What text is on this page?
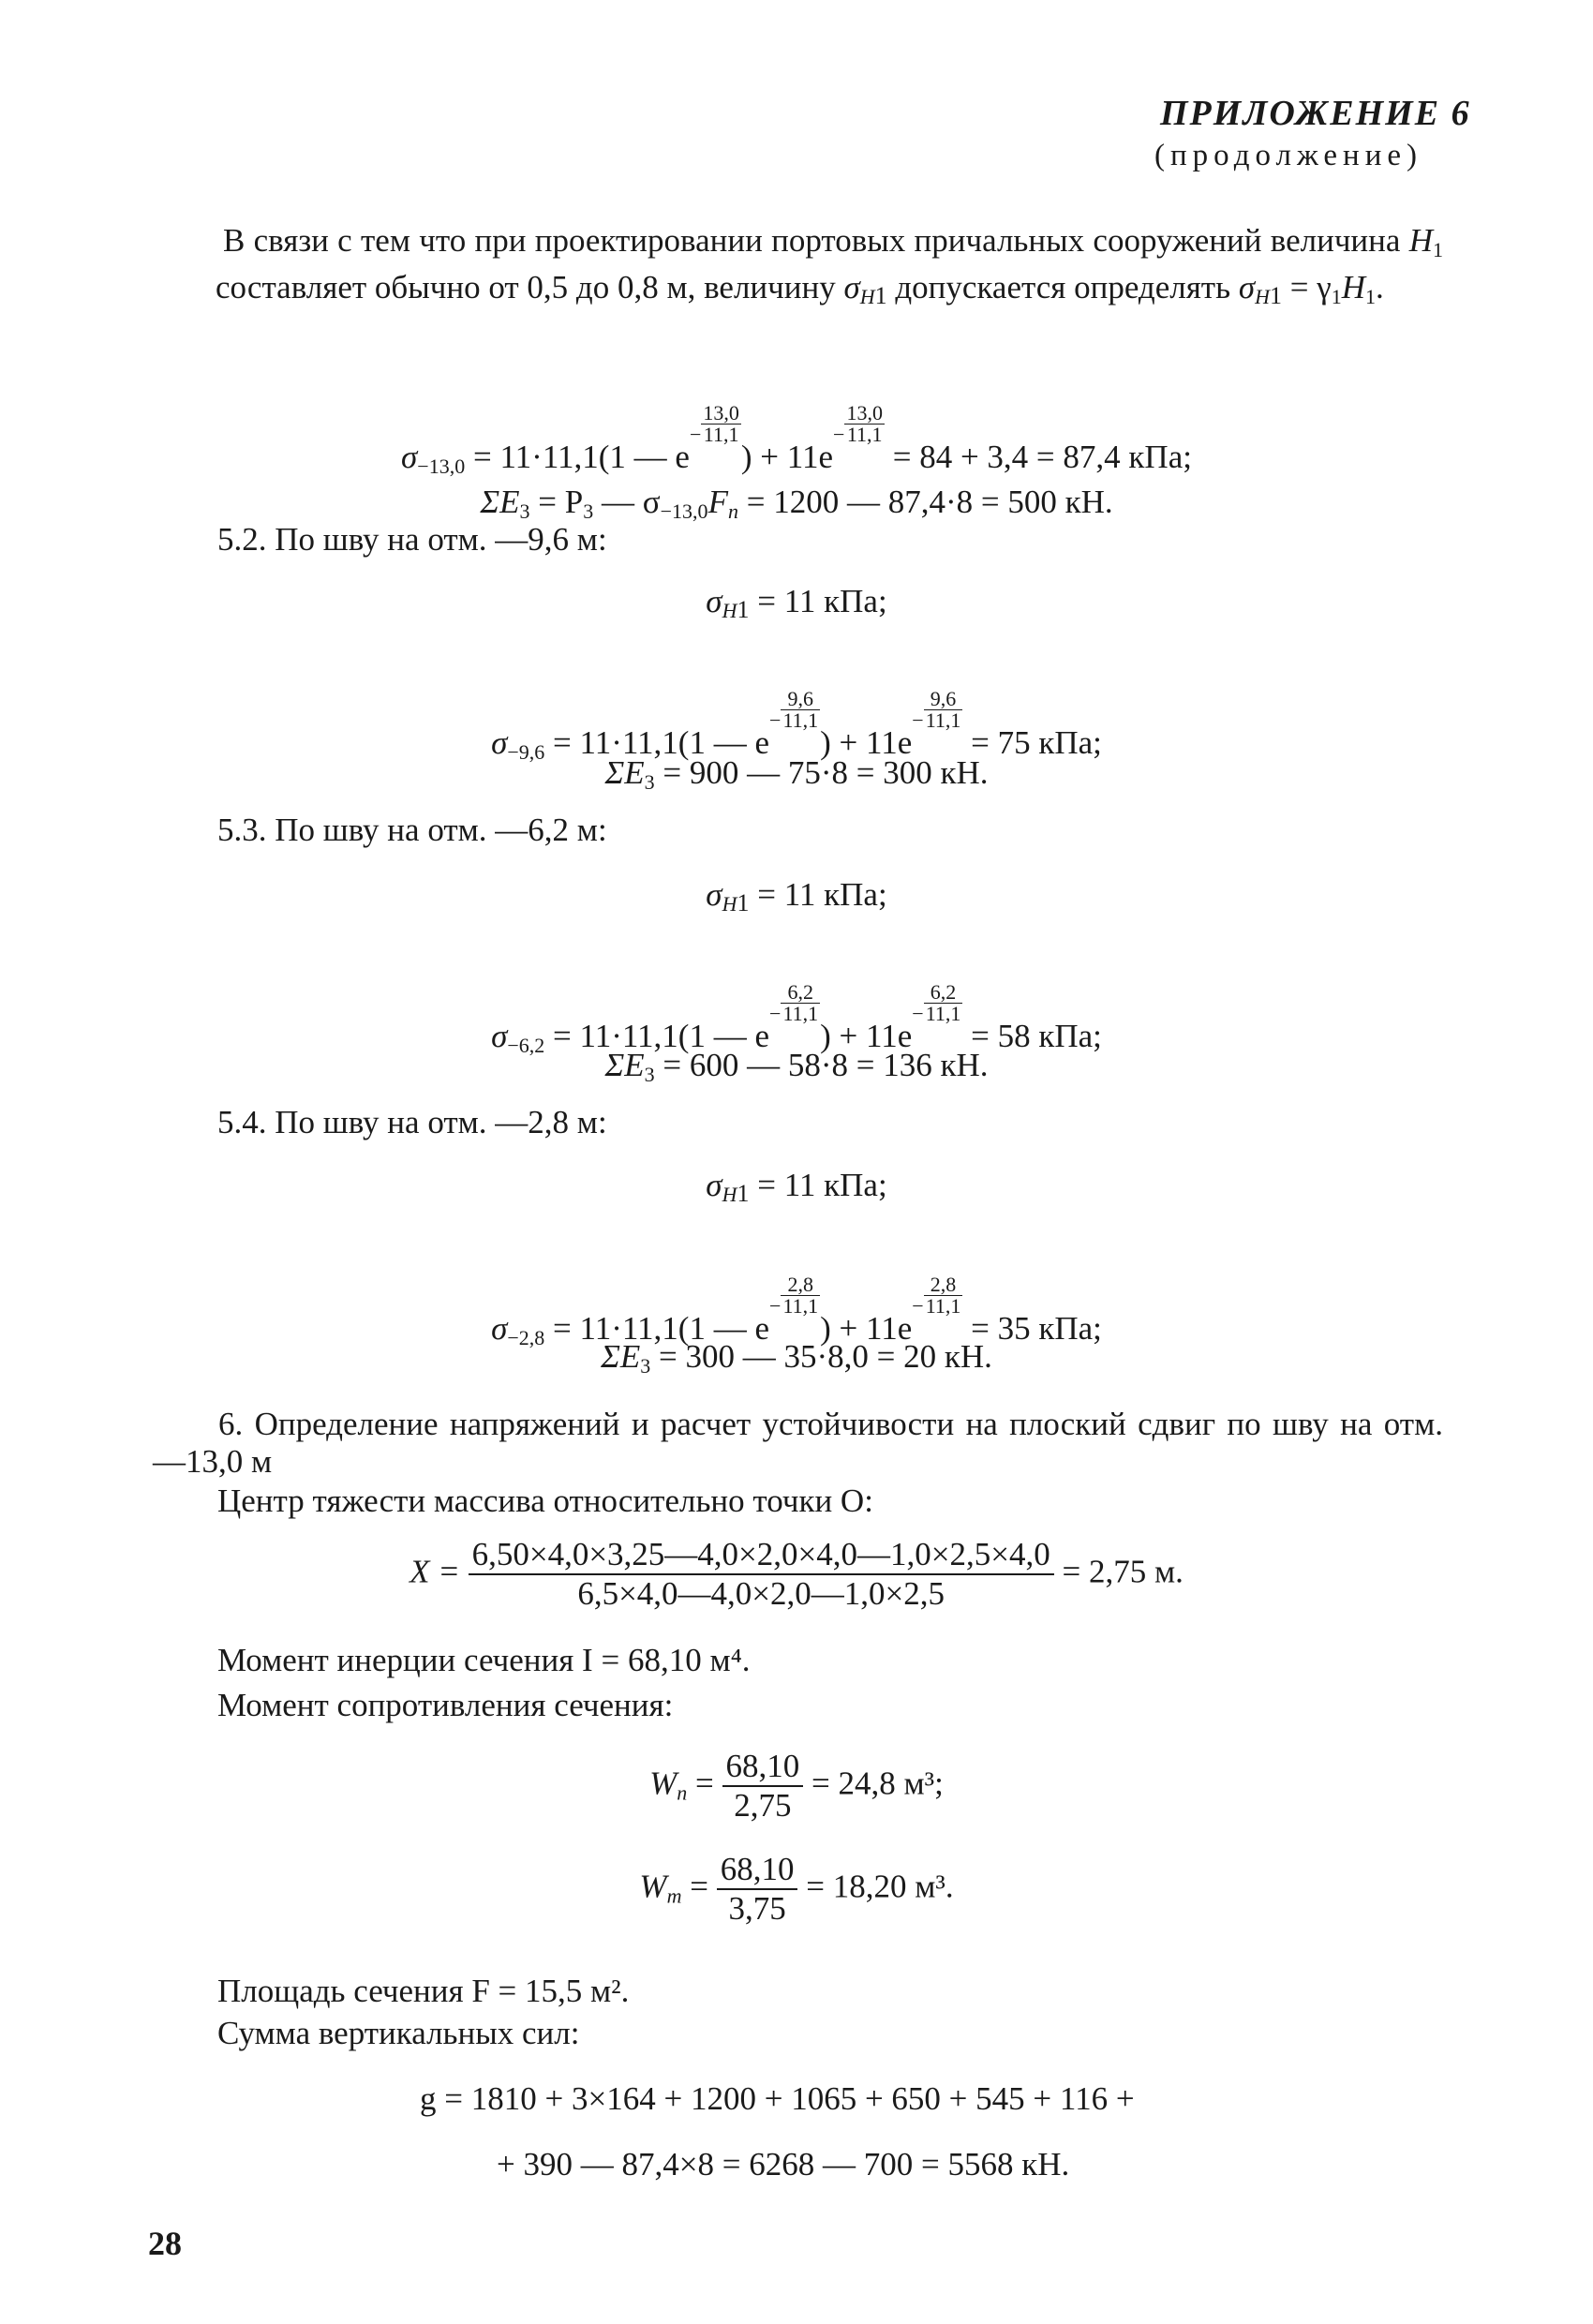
ПРИЛОЖЕНИЕ 6
(продолжение)
В связи с тем что при проектировании портовых причальных сооружений величина $H_1$ составляет обычно от 0,5 до 0,8 м, величину $\sigma_{H1}$ допускается определять $\sigma_{H1} = \gamma_1H_1$.
$\sigma_{-13,0} = 11\cdot 11,1(1$ — $e- \frac{13,0}{11,1}$
) + $11e- \frac{13,0}{11,1}$
= 84 + 3,4 = 87,4 кПа;
$\Sigma E_3 = P_3$ — $\sigma_{-13,0}F_n = 1200$ — 87,4·8 = 500 кН.
5.2. По шву на отм. —9,6 м:
$\sigma_{H1} = 11$ кПа;
$\sigma_{-9,6} = 11\cdot 11,1(1$ — $e- \frac{9,6}{11,1}$
) + $11e- \frac{9,6}{11,1}$
= 75 кПа;
$\Sigma E_3 = 900$ — 75·8 = 300 кН.
5.3. По шву на отм. —6,2 м:
$\sigma_{H1} = 11$ кПа;
$\sigma_{-6,2} = 11\cdot 11,1(1$ — $e- \frac{6,2}{11,1}$
) + $11e- \frac{6,2}{11,1}$
= 58 кПа;
$\Sigma E_3 = 600$ — 58·8 = 136 кН.
5.4. По шву на отм. —2,8 м:
$\sigma_{H1} = 11$ кПа;
$\sigma_{-2,8} = 11\cdot 11,1(1$ — $e- \frac{2,8}{11,1}$
) + $11e- \frac{2,8}{11,1}$
= 35 кПа;
$\Sigma E_3 = 300$ — 35·8,0 = 20 кН.
6. Определение напряжений и расчет устойчивости на плоский сдвиг по шву на отм. —13,0 м
Центр тяжести массива относительно точки O:
$X = \frac{6,50\times 4,0\times 3,25—4,0\times 2,0\times 4,0—1,0\times 2,5\times 4,0}{6,5\times 4,0—4,0\times 2,0—1,0\times 2,5} = 2,75$ м.
Момент инерции сечения I = 68,10 м⁴.
Момент сопротивления сечения:
$W_n = \frac{68,10}{2,75} = 24,8$ м³;
$W_m = \frac{68,10}{3,75} = 18,20$ м³.
Площадь сечения F = 15,5 м².
Сумма вертикальных сил:
g = 1810 + 3×164 + 1200 + 1065 + 650 + 545 + 116 +
+ 390 — 87,4×8 = 6268 — 700 = 5568 кН.
28
